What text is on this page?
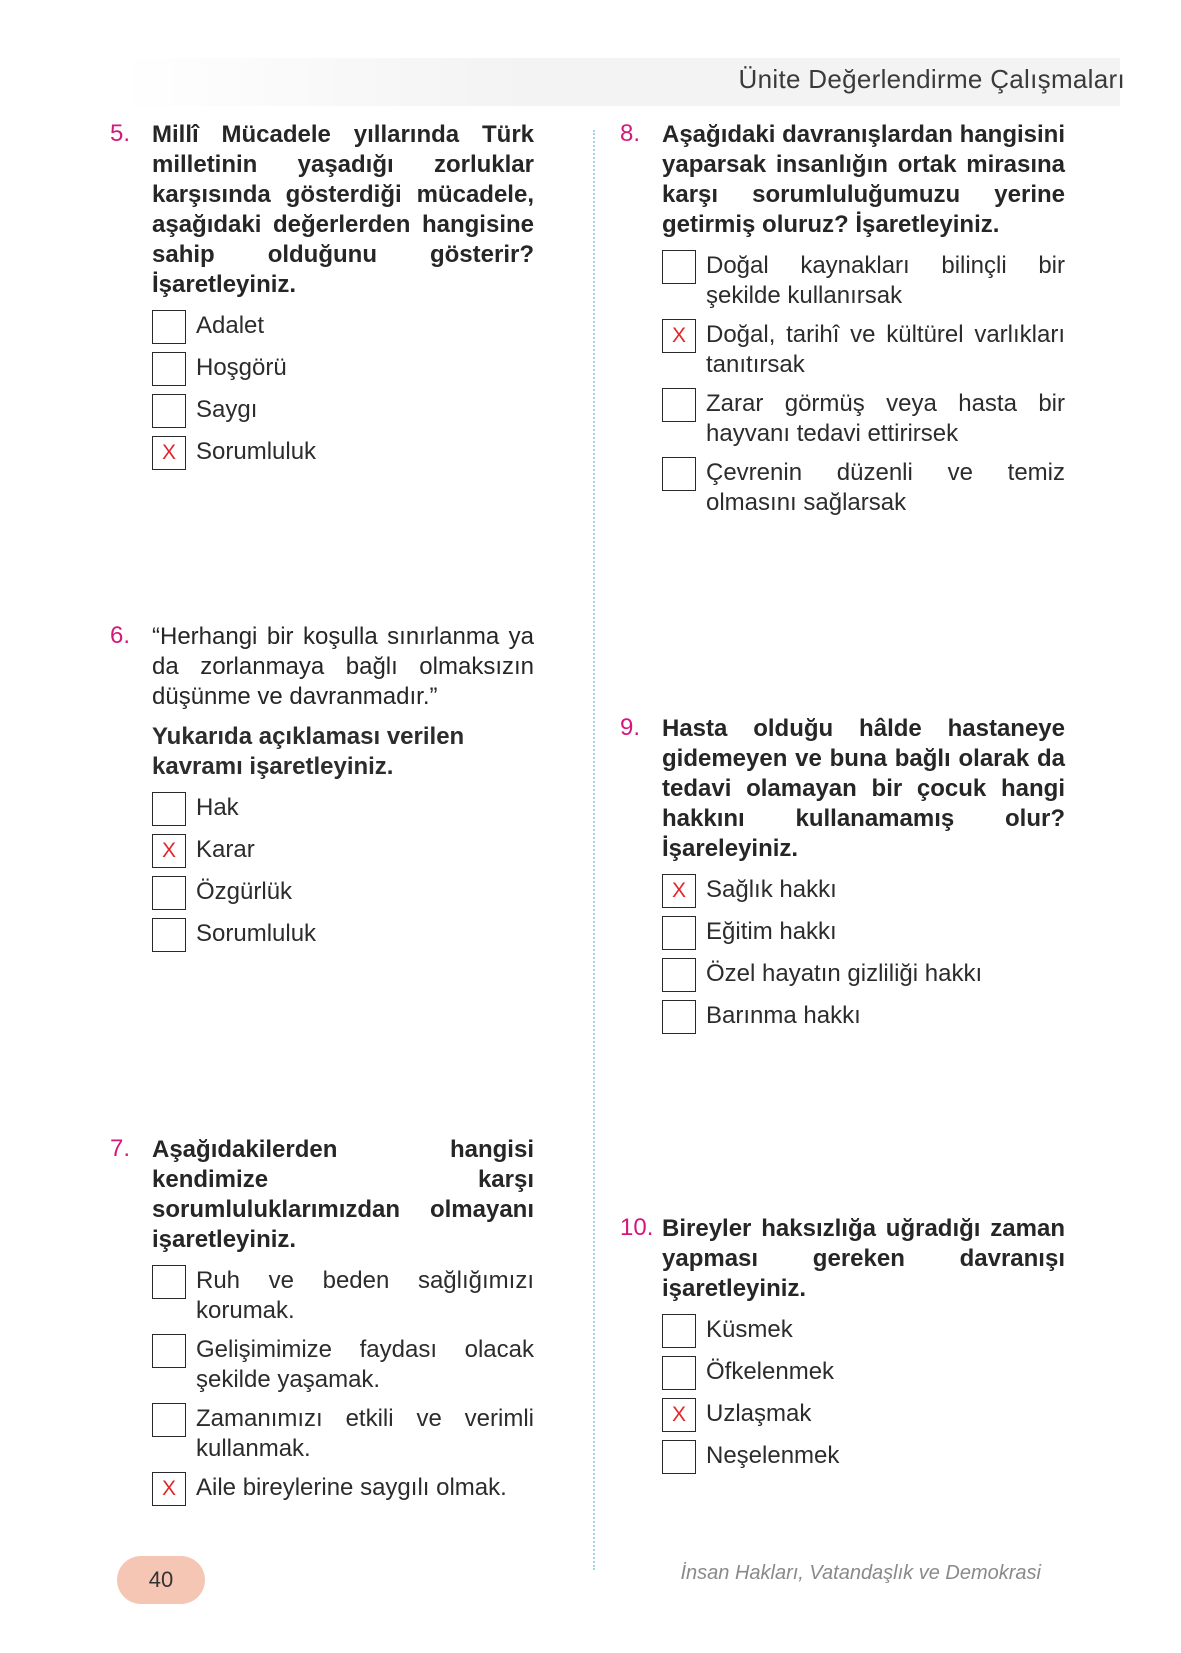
Ünite Değerlendirme Çalışmaları
5. Millî Mücadele yıllarında Türk milletinin yaşadığı zorluklar karşısında gösterdiği mücadele, aşağıdaki değerlerden hangisine sahip olduğunu gösterir? İşaretleyiniz.
Adalet
Hoşgörü
Saygı
X Sorumluluk
6. “Herhangi bir koşulla sınırlanma ya da zorlanmaya bağlı olmaksızın düşünme ve davranmadır.”
Yukarıda açıklaması verilen kavramı işaretleyiniz.
Hak
X Karar
Özgürlük
Sorumluluk
7. Aşağıdakilerden hangisi kendimize karşı sorumluluklarımızdan olmayanı işaretleyiniz.
Ruh ve beden sağlığımızı korumak.
Gelişimimize faydası olacak şekilde yaşamak.
Zamanımızı etkili ve verimli kullanmak.
X Aile bireylerine saygılı olmak.
8. Aşağıdaki davranışlardan hangisini yaparsak insanlığın ortak mirasına karşı sorumluluğumuzu yerine getirmiş oluruz? İşaretleyiniz.
Doğal kaynakları bilinçli bir şekilde kullanırsak
X Doğal, tarihî ve kültürel varlıkları tanıtırsak
Zarar görmüş veya hasta bir hayvanı tedavi ettirirsek
Çevrenin düzenli ve temiz olmasını sağlarsak
9. Hasta olduğu hâlde hastaneye gidemeyen ve buna bağlı olarak da tedavi olamayan bir çocuk hangi hakkını kullanamamış olur? İşareleyiniz.
X Sağlık hakkı
Eğitim hakkı
Özel hayatın gizliliği hakkı
Barınma hakkı
10. Bireyler haksızlığa uğradığı zaman yapması gereken davranışı işaretleyiniz.
Küsmek
Öfkelenmek
X Uzlaşmak
Neşelenmek
40	İnsan Hakları, Vatandaşlık ve Demokrasi
